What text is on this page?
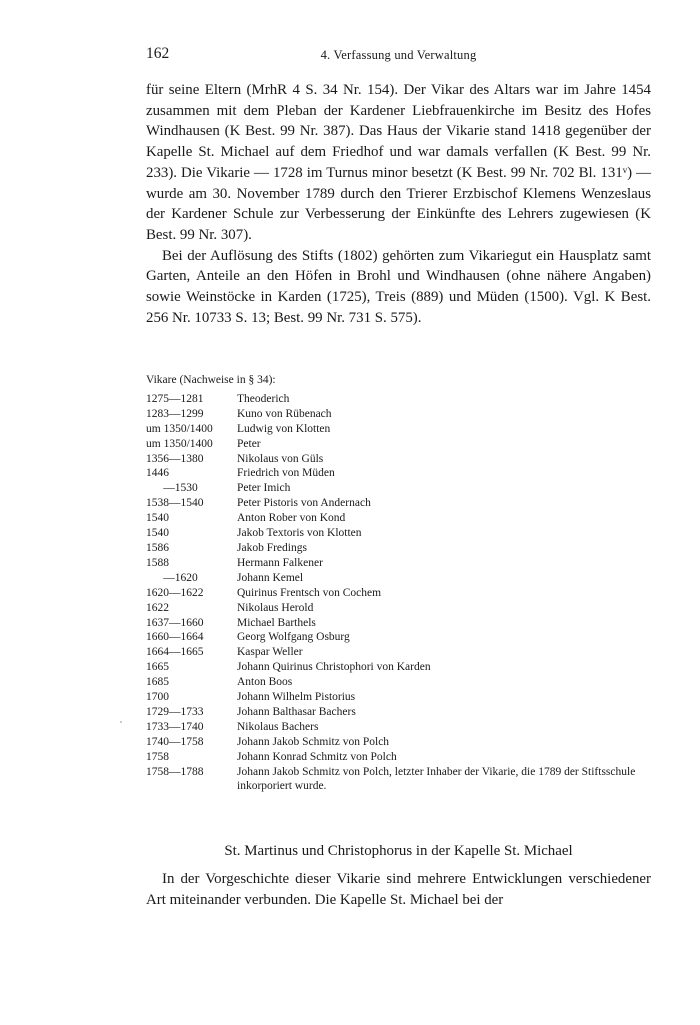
162	4. Verfassung und Verwaltung

für seine Eltern (MrhR 4 S. 34 Nr. 154). Der Vikar des Altars war im Jahre 1454 zusammen mit dem Pleban der Kardener Liebfrauenkirche im Besitz des Hofes Windhausen (K Best. 99 Nr. 387). Das Haus der Vikarie stand 1418 gegenüber der Kapelle St. Michael auf dem Friedhof und war damals verfallen (K Best. 99 Nr. 233). Die Vikarie — 1728 im Turnus minor besetzt (K Best. 99 Nr. 702 Bl. 131ᵛ) — wurde am 30. November 1789 durch den Trierer Erzbischof Klemens Wenzeslaus der Kardener Schule zur Verbesserung der Einkünfte des Lehrers zugewiesen (K Best. 99 Nr. 307).

Bei der Auflösung des Stifts (1802) gehörten zum Vikariegut ein Hausplatz samt Garten, Anteile an den Höfen in Brohl und Windhausen (ohne nähere Angaben) sowie Weinstöcke in Karden (1725), Treis (889) und Müden (1500). Vgl. K Best. 256 Nr. 10733 S. 13; Best. 99 Nr. 731 S. 575).

Vikare (Nachweise in § 34):

1275—1281	Theoderich
1283—1299	Kuno von Rübenach
um 1350/1400	Ludwig von Klotten
um 1350/1400	Peter
1356—1380	Nikolaus von Güls
1446	Friedrich von Müden
  —1530	Peter Imich
1538—1540	Peter Pistoris von Andernach
1540	Anton Rober von Kond
1540	Jakob Textoris von Klotten
1586	Jakob Fredings
1588	Hermann Falkener
  —1620	Johann Kemel
1620—1622	Quirinus Frentsch von Cochem
1622	Nikolaus Herold
1637—1660	Michael Barthels
1660—1664	Georg Wolfgang Osburg
1664—1665	Kaspar Weller
1665	Johann Quirinus Christophori von Karden
1685	Anton Boos
1700	Johann Wilhelm Pistorius
1729—1733	Johann Balthasar Bachers
1733—1740	Nikolaus Bachers
1740—1758	Johann Jakob Schmitz von Polch
1758	Johann Konrad Schmitz von Polch
1758—1788	Johann Jakob Schmitz von Polch, letzter Inhaber der Vikarie, die 1789 der Stiftsschule inkorporiert wurde.
St. Martinus und Christophorus in der Kapelle St. Michael

In der Vorgeschichte dieser Vikarie sind mehrere Entwicklungen verschiedener Art miteinander verbunden. Die Kapelle St. Michael bei der
